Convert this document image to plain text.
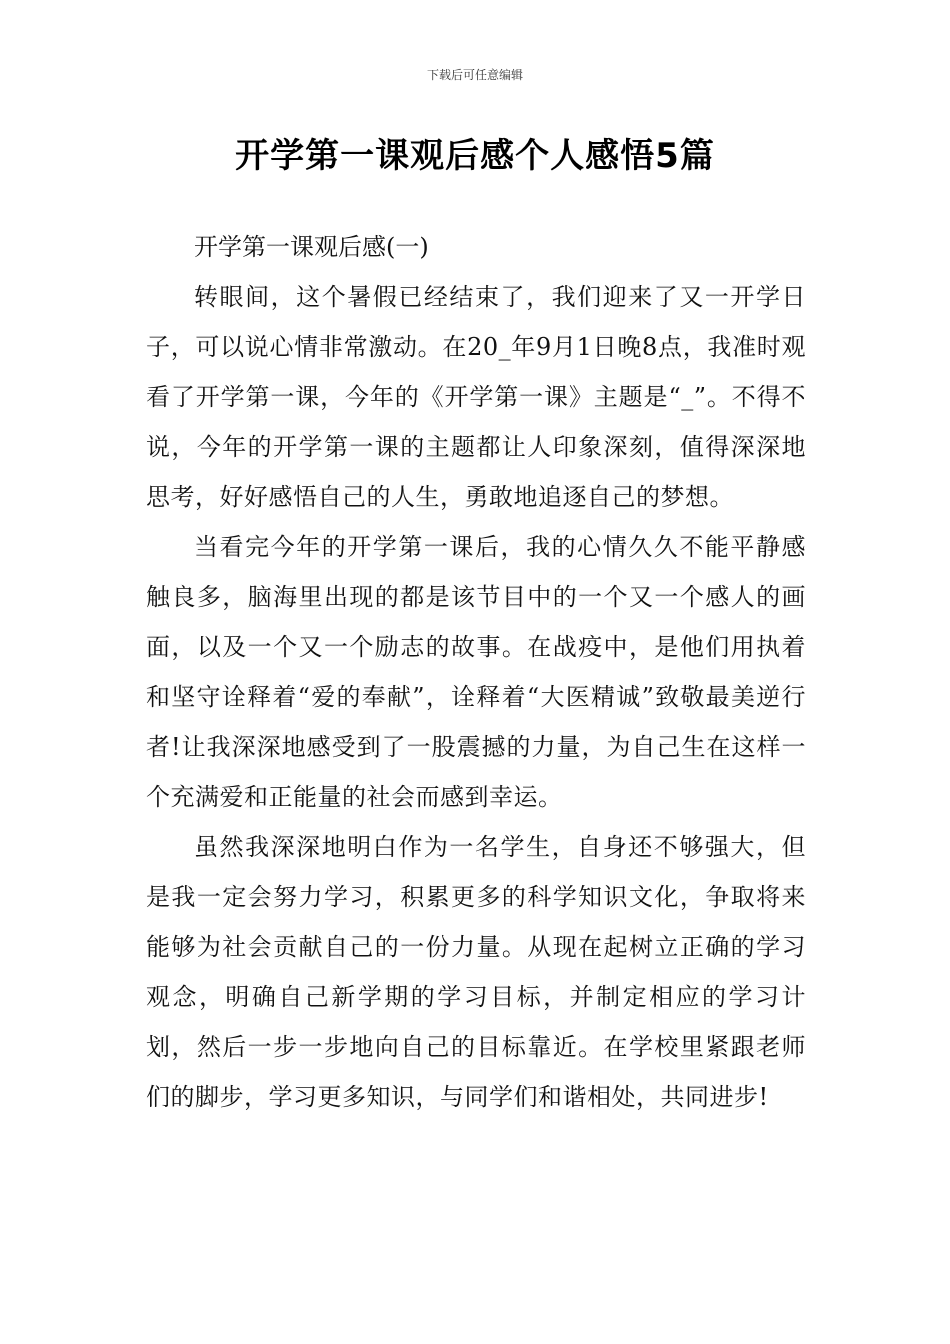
下载后可任意编辑
开学第一课观后感个人感悟5篇

开学第一课观后感(一)

转眼间，这个暑假已经结束了，我们迎来了又一开学日子，可以说心情非常激动。在20_年9月1日晚8点，我准时观看了开学第一课，今年的《开学第一课》主题是“_”。不得不说，今年的开学第一课的主题都让人印象深刻，值得深深地思考，好好感悟自己的人生，勇敢地追逐自己的梦想。

当看完今年的开学第一课后，我的心情久久不能平静感触良多，脑海里出现的都是该节目中的一个又一个感人的画面，以及一个又一个励志的故事。在战疫中，是他们用执着和坚守诠释着“爱的奉献”，诠释着“大医精诚”致敬最美逆行者!让我深深地感受到了一股震撼的力量，为自己生在这样一个充满爱和正能量的社会而感到幸运。

虽然我深深地明白作为一名学生，自身还不够强大，但是我一定会努力学习，积累更多的科学知识文化，争取将来能够为社会贡献自己的一份力量。从现在起树立正确的学习观念，明确自己新学期的学习目标，并制定相应的学习计划，然后一步一步地向自己的目标靠近。在学校里紧跟老师们的脚步，学习更多知识，与同学们和谐相处，共同进步!
